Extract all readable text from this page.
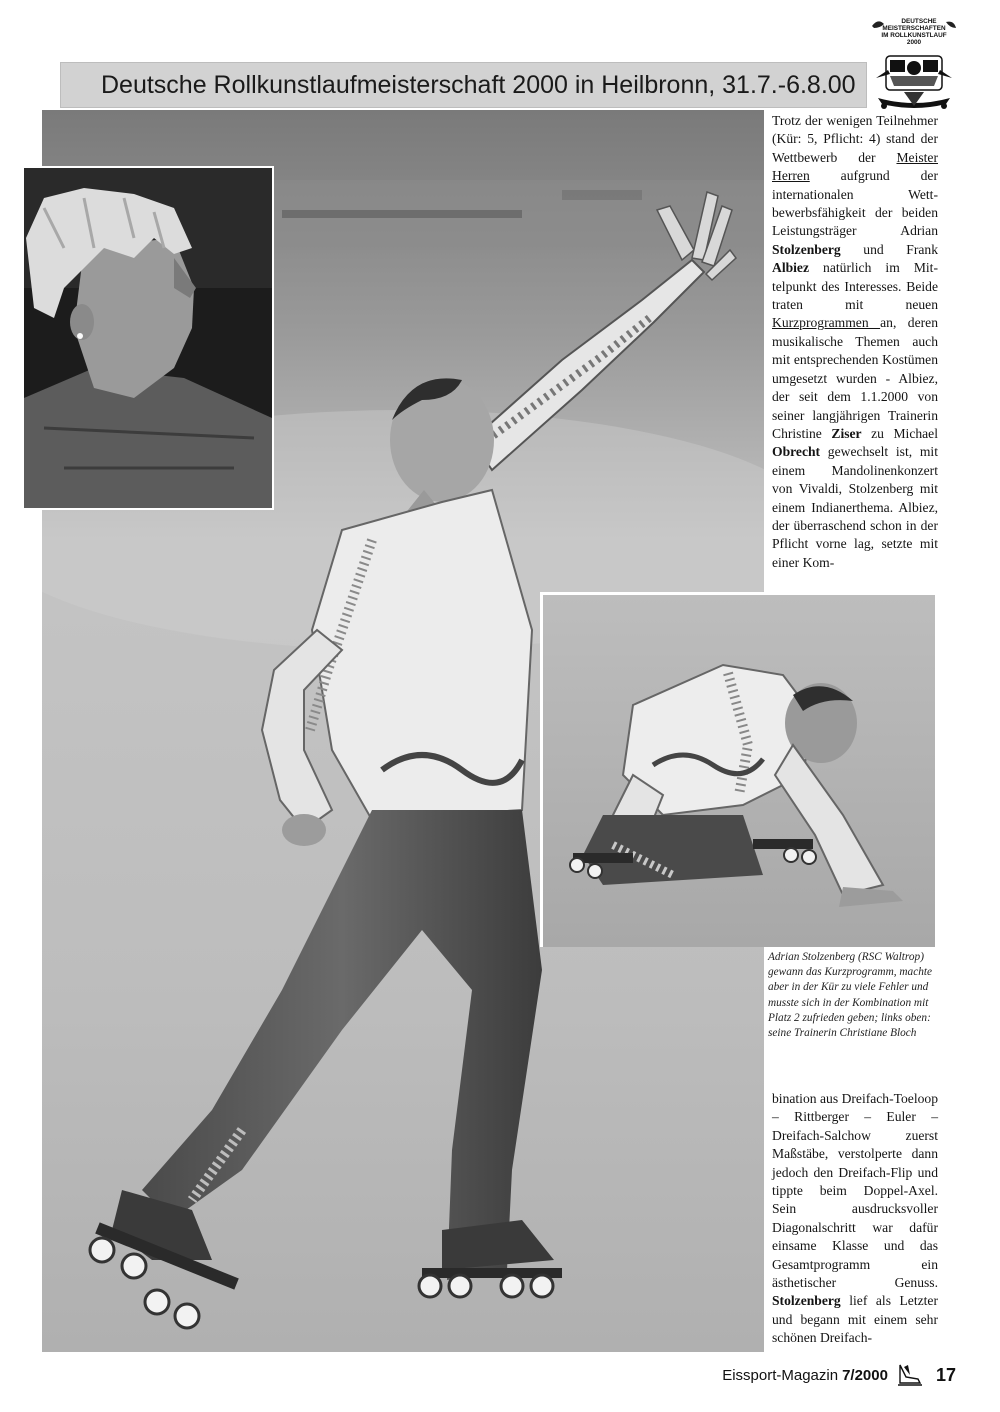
Deutsche Rollkunstlaufmeisterschaft 2000 in Heilbronn, 31.7.-6.8.00
DEUTSCHE
MEISTERSCHAFTEN
IM ROLLKUNSTLAUF
2000
Trotz der wenigen Teilnehmer (Kür: 5, Pflicht: 4) stand der Wettbewerb der Meister Herren aufgrund der internationalen Wettbewerbsfähigkeit der beiden Leistungsträger Adrian Stolzenberg und Frank Albiez natürlich im Mittelpunkt des Interesses. Beide traten mit neuen Kurzprogrammen an, deren musikalische Themen auch mit entsprechenden Kostümen umgesetzt wurden - Albiez, der seit dem 1.1.2000 von seiner langjährigen Trainerin Christine Ziser zu Michael Obrecht gewechselt ist, mit einem Mandolinenkonzert von Vivaldi, Stolzenberg mit einem Indianerthema. Albiez, der überraschend schon in der Pflicht vorne lag, setzte mit einer Kom-
Adrian Stolzenberg (RSC Waltrop) gewann das Kurzprogramm, machte aber in der Kür zu viele Fehler und musste sich in der Kombination mit Platz 2 zufrieden geben; links oben: seine Trainerin Christiane Bloch
bination aus Dreifach-Toeloop – Rittberger – Euler – Dreifach-Salchow zuerst Maßstäbe, verstolperte dann jedoch den Dreifach-Flip und tippte beim Doppel-Axel. Sein ausdrucksvoller Diagonalschritt war dafür einsame Klasse und das Gesamtprogramm ein ästhetischer Genuss. Stolzenberg lief als Letzter und begann mit einem sehr schönen Dreifach-
Eissport-Magazin 7/2000	17
